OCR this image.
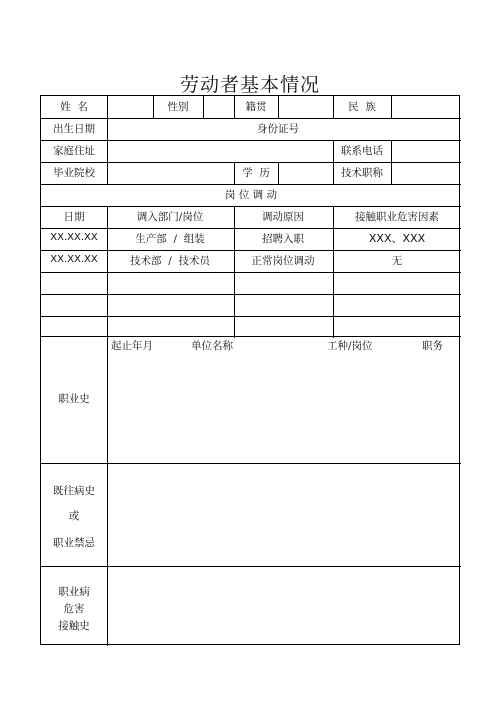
劳动者基本情况
姓  名	性别	籍贯	民  族
出生日期	身份证号
家庭住址	联系电话
毕业院校	学  历	技术职称
岗 位 调 动
日期	调入部门/岗位	调动原因	接触职业危害因素
XX.XX.XX	生产部  /  组装	招聘入职	XXX、XXX
XX.XX.XX	技术部  /  技术员	正常岗位调动	无
起止年月	单位名称	工种/岗位	职务
职业史
既往病史
或
职业禁忌
职业病
危害
接触史
